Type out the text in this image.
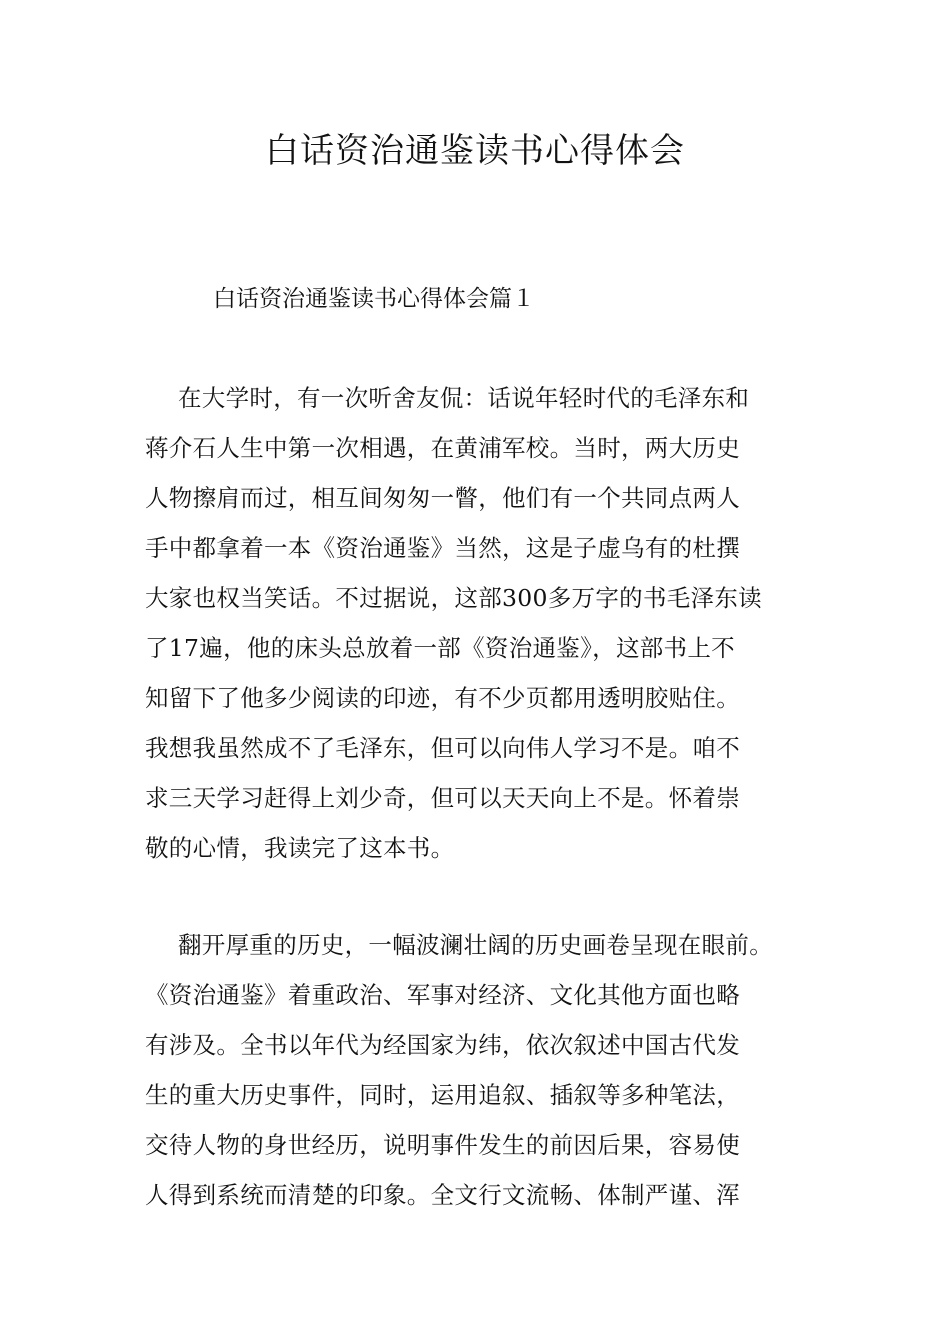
白话资治通鉴读书心得体会
白话资治通鉴读书心得体会篇１
在大学时，有一次听舍友侃：话说年轻时代的毛泽东和
蒋介石人生中第一次相遇，在黄浦军校。当时，两大历史
人物擦肩而过，相互间匆匆一瞥，他们有一个共同点两人
手中都拿着一本《资治通鉴》当然，这是子虚乌有的杜撰
大家也权当笑话。不过据说，这部300多万字的书毛泽东读
了17遍，他的床头总放着一部《资治通鉴》，这部书上不
知留下了他多少阅读的印迹，有不少页都用透明胶贴住。
我想我虽然成不了毛泽东，但可以向伟人学习不是。咱不
求三天学习赶得上刘少奇，但可以天天向上不是。怀着崇
敬的心情，我读完了这本书。
翻开厚重的历史，一幅波澜壮阔的历史画卷呈现在眼前。
《资治通鉴》着重政治、军事对经济、文化其他方面也略
有涉及。全书以年代为经国家为纬，依次叙述中国古代发
生的重大历史事件，同时，运用追叙、插叙等多种笔法，
交待人物的身世经历，说明事件发生的前因后果，容易使
人得到系统而清楚的印象。全文行文流畅、体制严谨、浑
